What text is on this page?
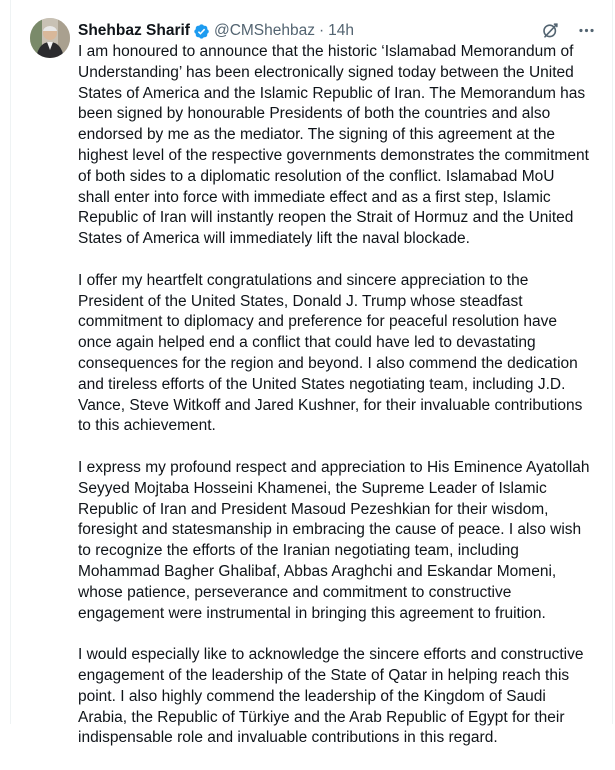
Shehbaz Sharif @CMShehbaz · 14h

I am honoured to announce that the historic ‘Islamabad Memorandum of
Understanding’ has been electronically signed today between the United
States of America and the Islamic Republic of Iran. The Memorandum has
been signed by honourable Presidents of both the countries and also
endorsed by me as the mediator. The signing of this agreement at the
highest level of the respective governments demonstrates the commitment
of both sides to a diplomatic resolution of the conflict. Islamabad MoU
shall enter into force with immediate effect and as a first step, Islamic
Republic of Iran will instantly reopen the Strait of Hormuz and the United
States of America will immediately lift the naval blockade.

I offer my heartfelt congratulations and sincere appreciation to the
President of the United States, Donald J. Trump whose steadfast
commitment to diplomacy and preference for peaceful resolution have
once again helped end a conflict that could have led to devastating
consequences for the region and beyond. I also commend the dedication
and tireless efforts of the United States negotiating team, including J.D.
Vance, Steve Witkoff and Jared Kushner, for their invaluable contributions
to this achievement.

I express my profound respect and appreciation to His Eminence Ayatollah
Seyyed Mojtaba Hosseini Khamenei, the Supreme Leader of Islamic
Republic of Iran and President Masoud Pezeshkian for their wisdom,
foresight and statesmanship in embracing the cause of peace. I also wish
to recognize the efforts of the Iranian negotiating team, including
Mohammad Bagher Ghalibaf, Abbas Araghchi and Eskandar Momeni,
whose patience, perseverance and commitment to constructive
engagement were instrumental in bringing this agreement to fruition.

I would especially like to acknowledge the sincere efforts and constructive
engagement of the leadership of the State of Qatar in helping reach this
point. I also highly commend the leadership of the Kingdom of Saudi
Arabia, the Republic of Türkiye and the Arab Republic of Egypt for their
indispensable role and invaluable contributions in this regard.
